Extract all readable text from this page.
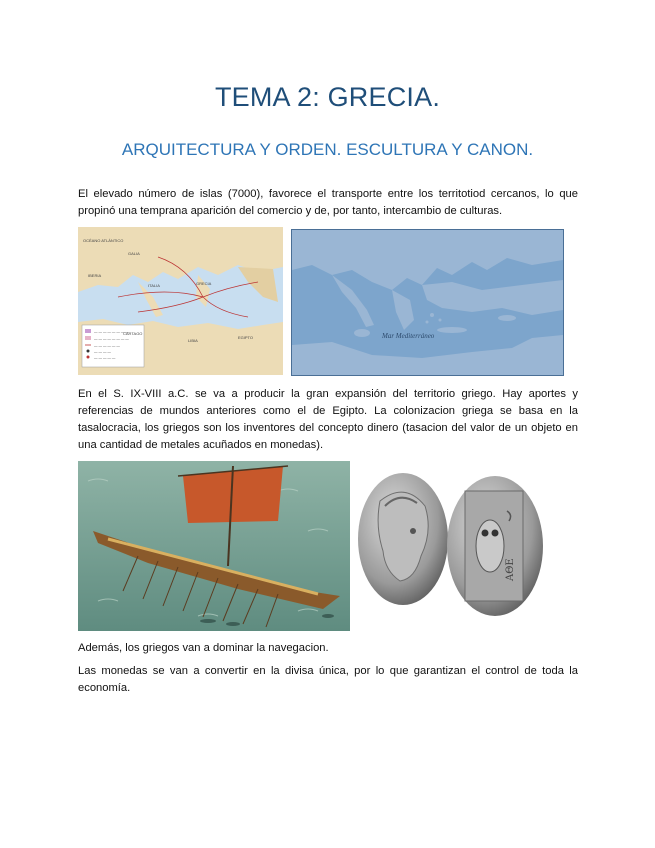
TEMA 2: GRECIA.
ARQUITECTURA Y ORDEN. ESCULTURA Y CANON.
El elevado número de islas (7000), favorece el transporte entre los territotiod cercanos, lo que propinó una temprana aparición del comercio y de, por tanto, intercambio de culturas.
— — — — — — — —
— — — — — — — —
— — — — — —
— — — —
— — — — —
OCÉANO ATLÁNTICO
IBERIA
GALIA
ITALIA	GRECIA
EGIPTO
LIBIA
CARTAGO	Mar Mediterráneo
En el S. IX-VIII a.C. se va a producir la gran expansión del territorio griego. Hay aportes y referencias de mundos anteriores como el de Egipto. La colonizacion griega se basa en la tasalocracia, los griegos son los inventores del concepto dinero (tasacion del valor de un objeto en una cantidad de metales acuñados en monedas).
ΑΘΕ
Además, los griegos van a dominar la navegacion.
Las monedas se van a convertir en la divisa única, por lo que garantizan el control de toda la economía.
